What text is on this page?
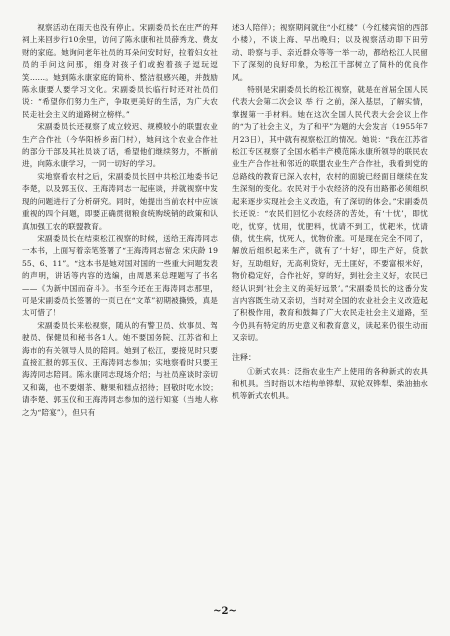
视察活动在雨天也没有停止。宋副委员长在庄严的拜祠上来回步行10余里，访问了陈永康和社员薛秀龙、费友财的家庭。她询问老年社员的耳朵问安时好，拉着妇女社员的手问这问那，细身对孩子们或抱着孩子逗玩逗笑……。她到陈永康家庭的简朴、整洁很感兴趣，并鼓励陈永康要人要学习文化。宋副委员长临行时还对社员们说：“希望你们努力生产，争取更美好的生活，为广大农民走社会主义的道路树立榜样。”

宋副委员长还视察了成立较迟、规模较小的联盟农业生产合作社（今华阳桥乡南门村），她问这个农业合作社的部分干部及其社员谈了话，希望他们继续努力，不断前进，向陈永康学习，一同一切好的学习。

实地察看农村之后，宋副委员长回中共松江地委书记李楚，以及郭玉仪、王海涛同志一起座谈，并就视察中发现的问题进行了分析研究。同时，她提出当前农村中应该重视的四个问题，即要正确贯彻粮食统购统销的政策和认真加强工农的联盟教育。

宋副委员长在结束松江视察的时候，送给王海涛同志一本书，上面写着亲笔签署了“王海涛同志留念 宋庆龄 1955、6、11”。“这本书是她对国对国的一些重大问题发表的声明，讲话等内容的选编，由周恩来总理题写了书名——《为新中国而奋斗》。书至今还在王海涛同志那里，可是宋副委员长签署的一页已在“文革”初期被撕毁，真是太可惜了！

宋副委员长来松视察，随从的有警卫员、炊事员、驾驶员、保健员和秘书各1人。她不要国务院、江苏省和上海市的有关领导人员的陪同。她到了松江，要接见时只要直接汇报的郭玉仪、王海涛同志参加；实地察看时只要王海涛同志陪同。陈永康同志现场介绍；与社员座谈时亲切又和蔼，也不要烟茶、糖果和糕点招待；回敬时吃水饺；请李楚、郭玉仪和王海涛同志参加的送行知宴（当地人称之为“陪宴”），但只有

述3人陪伴）；视察期间就住“小红楼”（今红楼宾馆的西部小楼），不谈上海、早出晚归；以及视察活动即下田劳动、聆察与手、亲近群众等等一举一动，都给松江人民留下了深刻的良好印象，为松江干部树立了简朴的优良作风。

特别是宋副委员长的松江视察，就是在首届全国人民代表大会第二次会议 举 行 之前，深入基层，了解实情，掌握第一手材料。她在这次全国人民代表大会会议上作的“为了社会主义，为了和平”为题的大会发言（1955年7月23日），其中就有视察松江的情况。她说：“我在江苏省松江专区视察了全国水稻丰产模范陈永康所领导的联民农业生产合作社和邻近的联盟农业生产合作社，我看到党的总路线的教育已深入农村，农村的面貌已经面目继续在发生深刻的变化。农民对于小农经济的没有出路都必须组织起来逐步实现社会主义改造，有了深切的体会。”宋副委员长还说：“农民们回忆小农经济的苦处，有‘十忧’，即忧吃，忧穿，忧用，忧肥料，忧请不到工，忧耙米，忧请债，忧生病，忧死人，忧物价涨。可是现在完全不同了，解放后组织起来生产，就有了‘十好’，即生产好，贷款好，互助组好，无高利贷好，无土匪好，不要富根米好，物价稳定好，合作社好，穿的好，到社会主义好，农民已经认识到‘社会主义的美好远景’。”宋副委员长的这番分发言内容既生动又亲切，当时对全国的农业社会主义改造起了积极作用，教育和鼓舞了广大农民走社会主义道路，至今仍具有特定的历史意义和教育意义，读起来仍很生动而又亲切。

注释：

①新式农具：泛指农业生产上使用的各种新式的农具和机具。当时指以木结构单铧犁、双轮双铧犁、柴油抽水机等新式农机具。

~2~
